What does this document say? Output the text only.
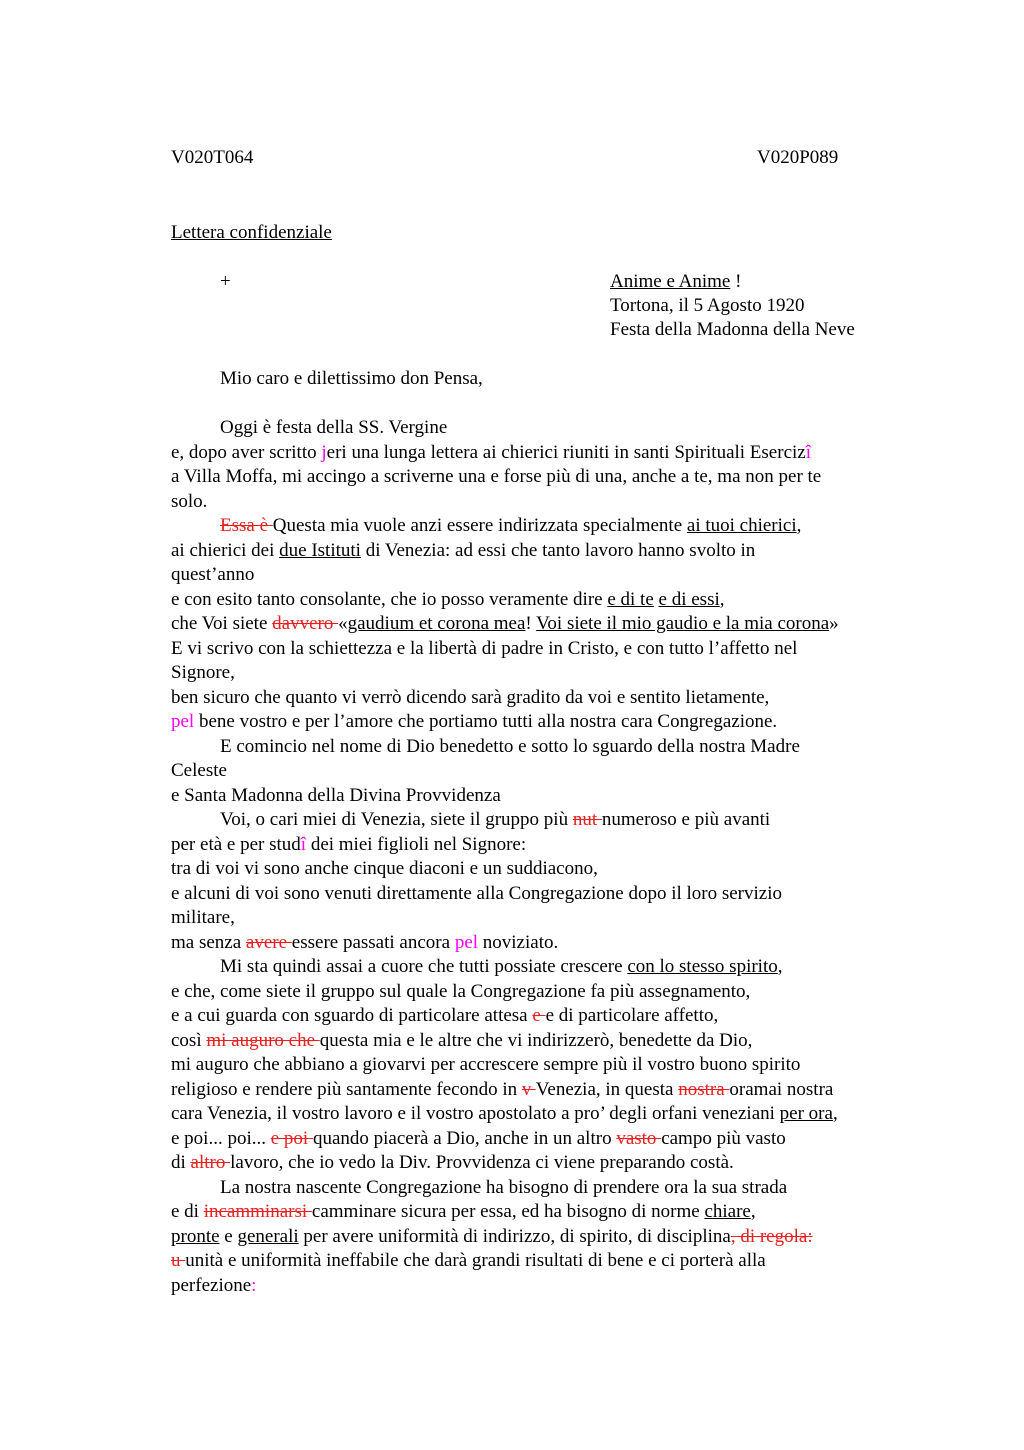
V020T064	V020P089
Lettera confidenziale
+	Anime e Anime !
Tortona, il 5 Agosto 1920
Festa della Madonna della Neve
Mio caro e dilettissimo don Pensa,
Oggi è festa della SS. Vergine
e, dopo aver scritto jeri una lunga lettera ai chierici riuniti in santi Spirituali Esercizî
a Villa Moffa, mi accingo a scriverne una e forse più di una, anche a te, ma non per te
solo.
Essa è Questa mia vuole anzi essere indirizzata specialmente ai tuoi chierici,
ai chierici dei due Istituti di Venezia: ad essi che tanto lavoro hanno svolto in
quest’anno
e con esito tanto consolante, che io posso veramente dire e di te e di essi,
che Voi siete davvero «gaudium et corona mea! Voi siete il mio gaudio e la mia corona»
E vi scrivo con la schiettezza e la libertà di padre in Cristo, e con tutto l’affetto nel
Signore,
ben sicuro che quanto vi verrò dicendo sarà gradito da voi e sentito lietamente,
pel bene vostro e per l’amore che portiamo tutti alla nostra cara Congregazione.
E comincio nel nome di Dio benedetto e sotto lo sguardo della nostra Madre
Celeste
e Santa Madonna della Divina Provvidenza
Voi, o cari miei di Venezia, siete il gruppo più nut numeroso e più avanti
per età e per studî dei miei figlioli nel Signore:
tra di voi vi sono anche cinque diaconi e un suddiacono,
e alcuni di voi sono venuti direttamente alla Congregazione dopo il loro servizio
militare,
ma senza avere essere passati ancora pel noviziato.
Mi sta quindi assai a cuore che tutti possiate crescere con lo stesso spirito,
e che, come siete il gruppo sul quale la Congregazione fa più assegnamento,
e a cui guarda con sguardo di particolare attesa e e di particolare affetto,
così mi auguro che questa mia e le altre che vi indirizzerò, benedette da Dio,
mi auguro che abbiano a giovarvi per accrescere sempre più il vostro buono spirito
religioso e rendere più santamente fecondo in v Venezia, in questa nostra oramai nostra
cara Venezia, il vostro lavoro e il vostro apostolato a pro’ degli orfani veneziani per ora,
e poi... poi... e poi quando piacerà a Dio, anche in un altro vasto campo più vasto
di altro lavoro, che io vedo la Div. Provvidenza ci viene preparando costà.
La nostra nascente Congregazione ha bisogno di prendere ora la sua strada
e di incamminarsi camminare sicura per essa, ed ha bisogno di norme chiare,
pronte e generali per avere uniformità di indirizzo, di spirito, di disciplina, di regola:
u unità e uniformità ineffabile che darà grandi risultati di bene e ci porterà alla
perfezione:
